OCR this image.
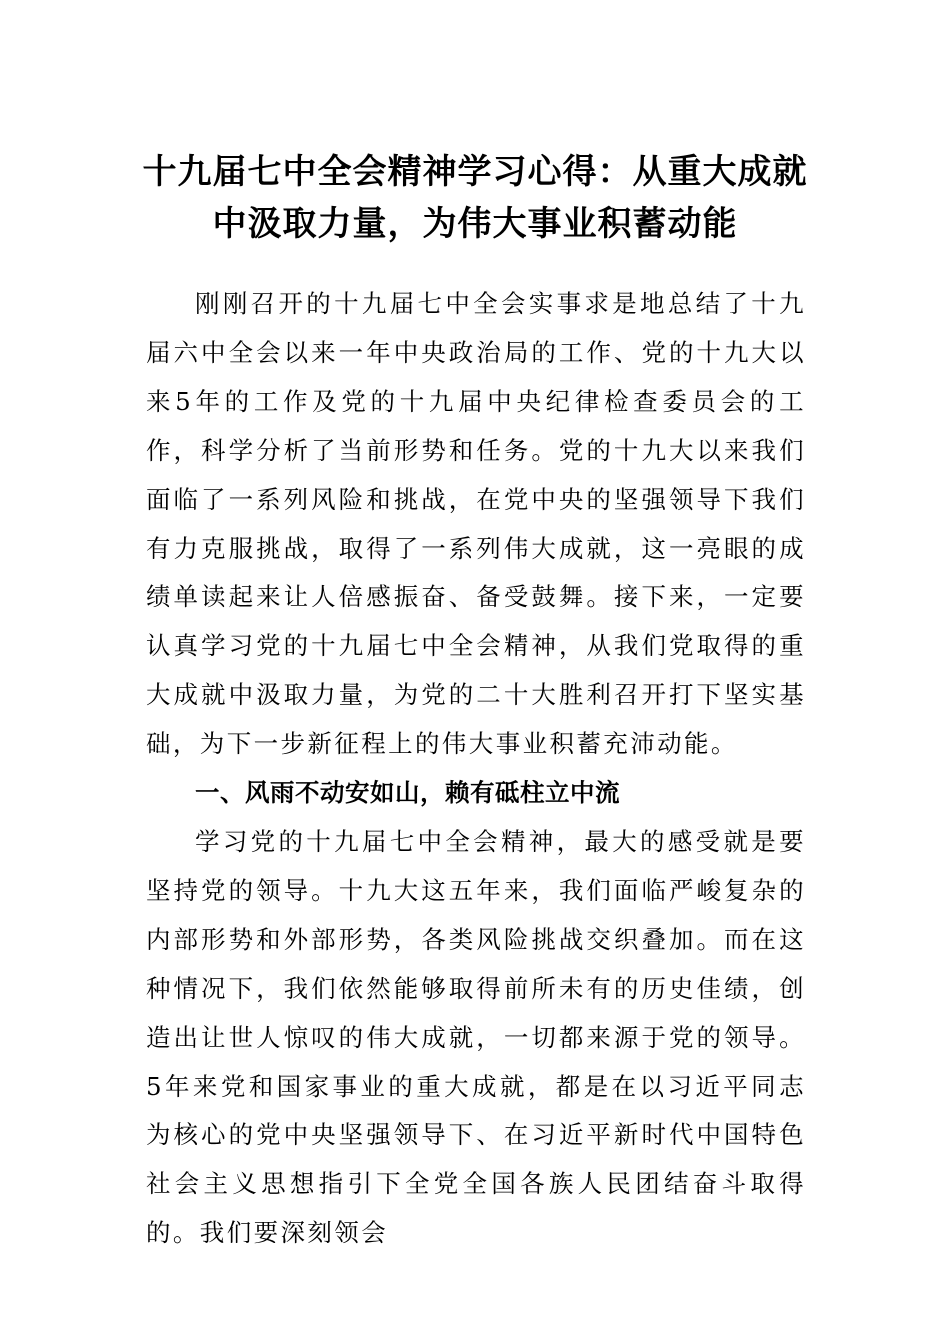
十九届七中全会精神学习心得：从重大成就中汲取力量，为伟大事业积蓄动能

刚刚召开的十九届七中全会实事求是地总结了十九届六中全会以来一年中央政治局的工作、党的十九大以来5年的工作及党的十九届中央纪律检查委员会的工作，科学分析了当前形势和任务。党的十九大以来我们面临了一系列风险和挑战，在党中央的坚强领导下我们有力克服挑战，取得了一系列伟大成就，这一亮眼的成绩单读起来让人倍感振奋、备受鼓舞。接下来，一定要认真学习党的十九届七中全会精神，从我们党取得的重大成就中汲取力量，为党的二十大胜利召开打下坚实基础，为下一步新征程上的伟大事业积蓄充沛动能。

一、风雨不动安如山，赖有砥柱立中流

学习党的十九届七中全会精神，最大的感受就是要坚持党的领导。十九大这五年来，我们面临严峻复杂的内部形势和外部形势，各类风险挑战交织叠加。而在这种情况下，我们依然能够取得前所未有的历史佳绩，创造出让世人惊叹的伟大成就，一切都来源于党的领导。5年来党和国家事业的重大成就，都是在以习近平同志为核心的党中央坚强领导下、在习近平新时代中国特色社会主义思想指引下全党全国各族人民团结奋斗取得的。我们要深刻领会
